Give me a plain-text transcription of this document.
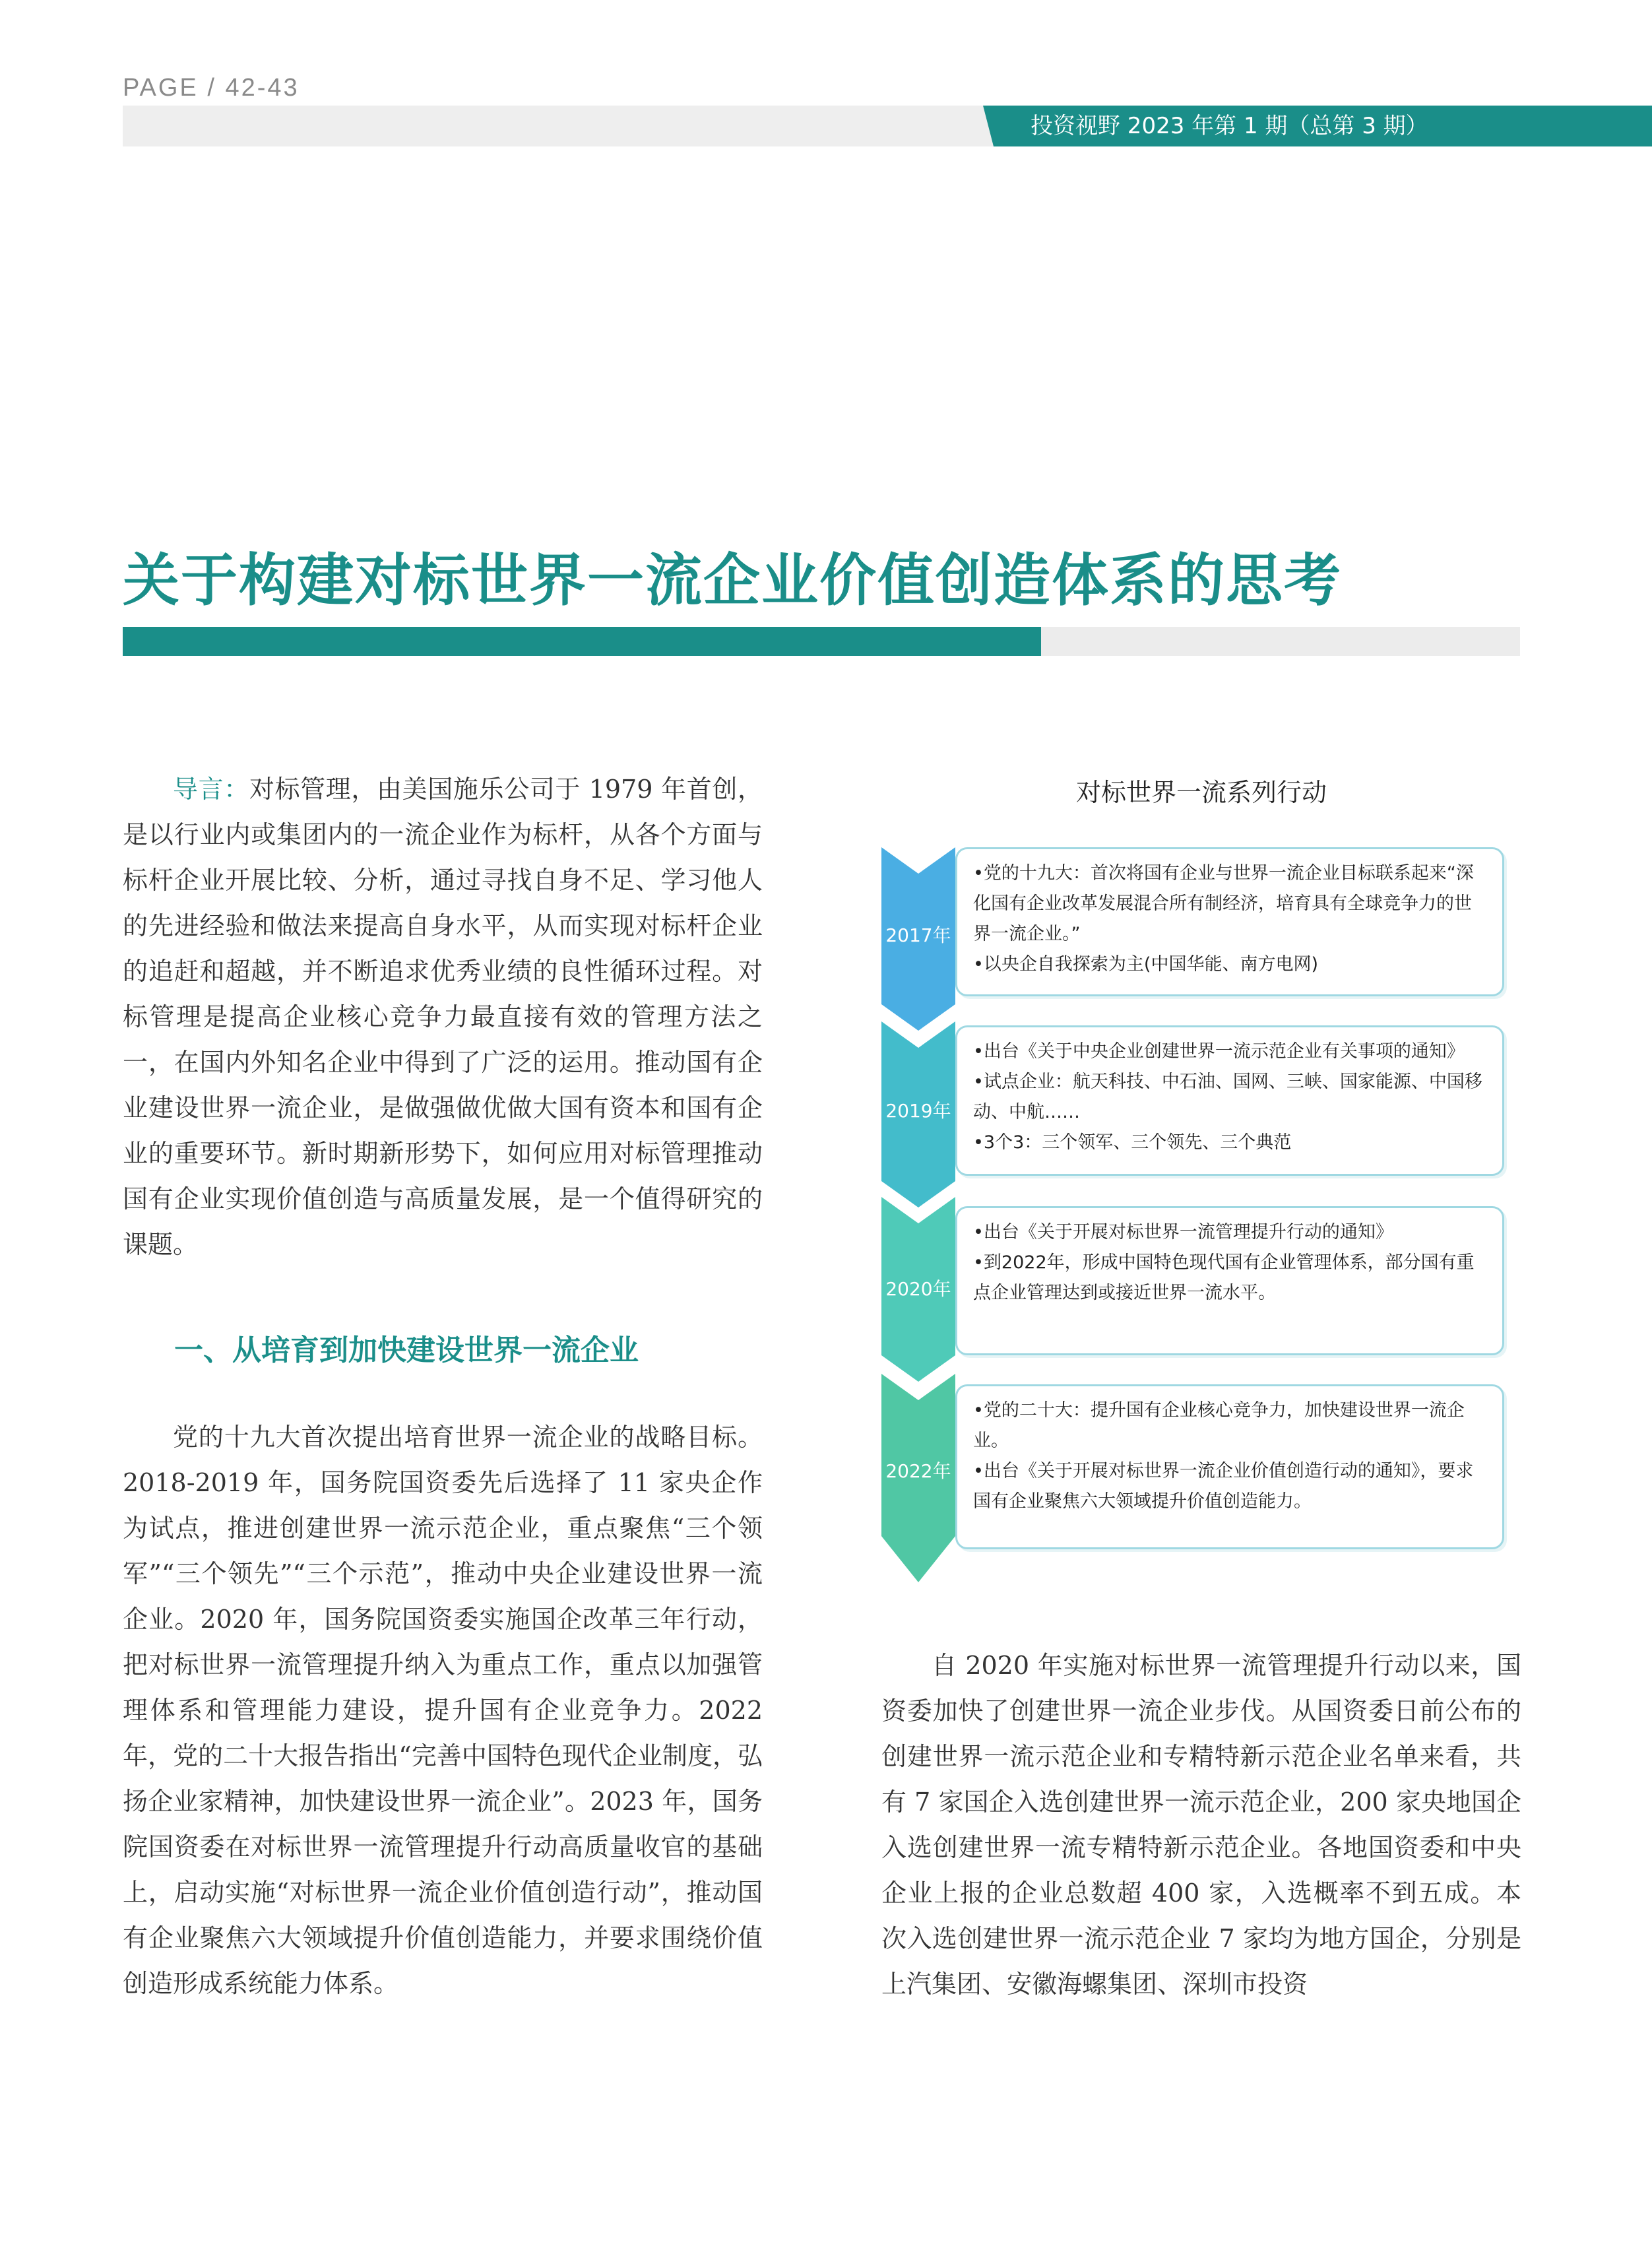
PAGE / 42-43
投资视野 2023 年第 1 期（总第 3 期）
关于构建对标世界一流企业价值创造体系的思考

导言：对标管理，由美国施乐公司于 1979 年首创，是以行业内或集团内的一流企业作为标杆，从各个方面与标杆企业开展比较、分析，通过寻找自身不足、学习他人的先进经验和做法来提高自身水平，从而实现对标杆企业的追赶和超越，并不断追求优秀业绩的良性循环过程。对标管理是提高企业核心竞争力最直接有效的管理方法之一，在国内外知名企业中得到了广泛的运用。推动国有企业建设世界一流企业，是做强做优做大国有资本和国有企业的重要环节。新时期新形势下，如何应用对标管理推动国有企业实现价值创造与高质量发展，是一个值得研究的课题。

一、从培育到加快建设世界一流企业

党的十九大首次提出培育世界一流企业的战略目标。2018-2019 年，国务院国资委先后选择了 11 家央企作为试点，推进创建世界一流示范企业，重点聚焦“三个领军”“三个领先”“三个示范”，推动中央企业建设世界一流企业。2020 年，国务院国资委实施国企改革三年行动，把对标世界一流管理提升纳入为重点工作，重点以加强管理体系和管理能力建设，提升国有企业竞争力。2022 年，党的二十大报告指出“完善中国特色现代企业制度，弘扬企业家精神，加快建设世界一流企业”。2023 年，国务院国资委在对标世界一流管理提升行动高质量收官的基础上，启动实施“对标世界一流企业价值创造行动”，推动国有企业聚焦六大领域提升价值创造能力，并要求围绕价值创造形成系统能力体系。

对标世界一流系列行动
2017年
•党的十九大：首次将国有企业与世界一流企业目标联系起来“深化国有企业改革发展混合所有制经济，培育具有全球竞争力的世界一流企业。”
•以央企自我探索为主(中国华能、南方电网)
2019年
•出台《关于中央企业创建世界一流示范企业有关事项的通知》
•试点企业：航天科技、中石油、国网、三峡、国家能源、中国移动、中航……
•3个3：三个领军、三个领先、三个典范
2020年
•出台《关于开展对标世界一流管理提升行动的通知》
•到2022年，形成中国特色现代国有企业管理体系，部分国有重点企业管理达到或接近世界一流水平。
2022年
•党的二十大：提升国有企业核心竞争力，加快建设世界一流企业。
•出台《关于开展对标世界一流企业价值创造行动的通知》，要求国有企业聚焦六大领域提升价值创造能力。

自 2020 年实施对标世界一流管理提升行动以来，国资委加快了创建世界一流企业步伐。从国资委日前公布的创建世界一流示范企业和专精特新示范企业名单来看，共有 7 家国企入选创建世界一流示范企业，200 家央地国企入选创建世界一流专精特新示范企业。各地国资委和中央企业上报的企业总数超 400 家，入选概率不到五成。本次入选创建世界一流示范企业 7 家均为地方国企，分别是上汽集团、安徽海螺集团、深圳市投资
